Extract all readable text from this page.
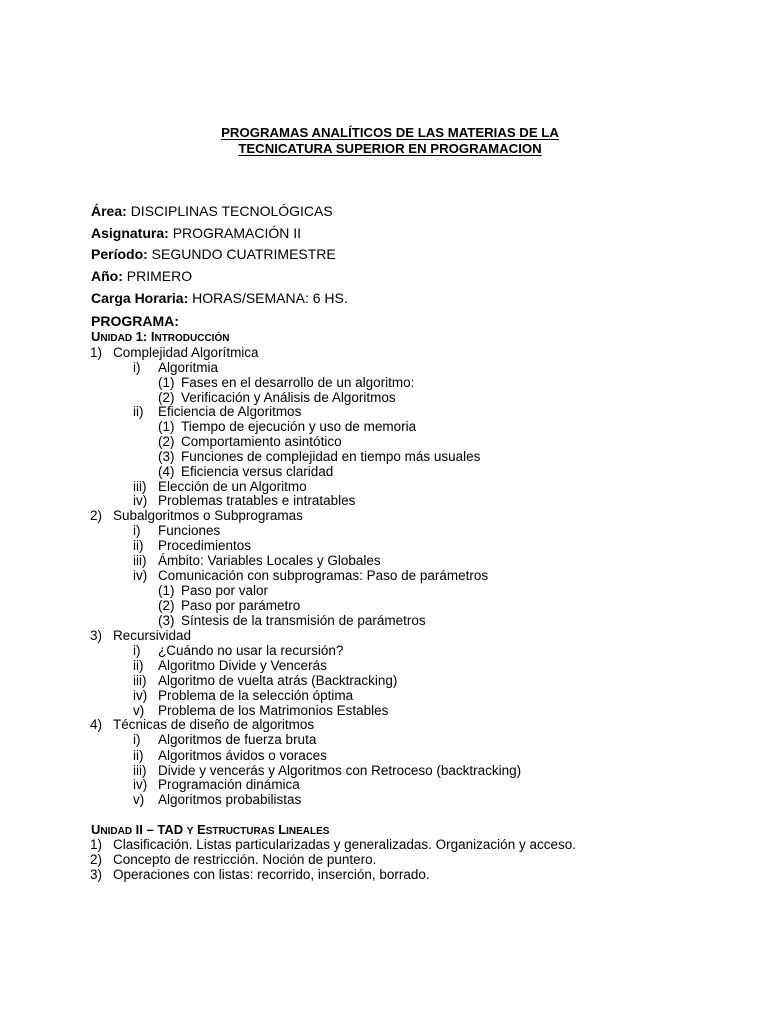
PROGRAMAS ANALÍTICOS DE LAS MATERIAS DE LA
TECNICATURA SUPERIOR EN PROGRAMACION
Área: DISCIPLINAS TECNOLÓGICAS
Asignatura: PROGRAMACIÓN II
Período: SEGUNDO CUATRIMESTRE
Año: PRIMERO
Carga Horaria: HORAS/SEMANA: 6 HS.
PROGRAMA:
UNIDAD 1: INTRODUCCIÓN
1) Complejidad Algorítmica
i) Algoritmia
(1) Fases en el desarrollo de un algoritmo:
(2) Verificación y Análisis de Algoritmos
ii) Eficiencia de Algoritmos
(1) Tiempo de ejecución y uso de memoria
(2) Comportamiento asintótico
(3) Funciones de complejidad en tiempo más usuales
(4) Eficiencia versus claridad
iii) Elección de un Algoritmo
iv) Problemas tratables e intratables
2) Subalgoritmos o Subprogramas
i) Funciones
ii) Procedimientos
iii) Ámbito: Variables Locales y Globales
iv) Comunicación con subprogramas: Paso de parámetros
(1) Paso por valor
(2) Paso por parámetro
(3) Síntesis de la transmisión de parámetros
3) Recursividad
i) ¿Cuándo no usar la recursión?
ii) Algoritmo Divide y Vencerás
iii) Algoritmo de vuelta atrás (Backtracking)
iv) Problema de la selección óptima
v) Problema de los Matrimonios Estables
4) Técnicas de diseño de algoritmos
i) Algoritmos de fuerza bruta
ii) Algoritmos ávidos o voraces
iii) Divide y vencerás y Algoritmos con Retroceso (backtracking)
iv) Programación dinámica
v) Algoritmos probabilistas
UNIDAD II – TAD Y ESTRUCTURAS LINEALES
1) Clasificación. Listas particularizadas y generalizadas. Organización y acceso.
2) Concepto de restricción. Noción de puntero.
3) Operaciones con listas: recorrido, inserción, borrado.
